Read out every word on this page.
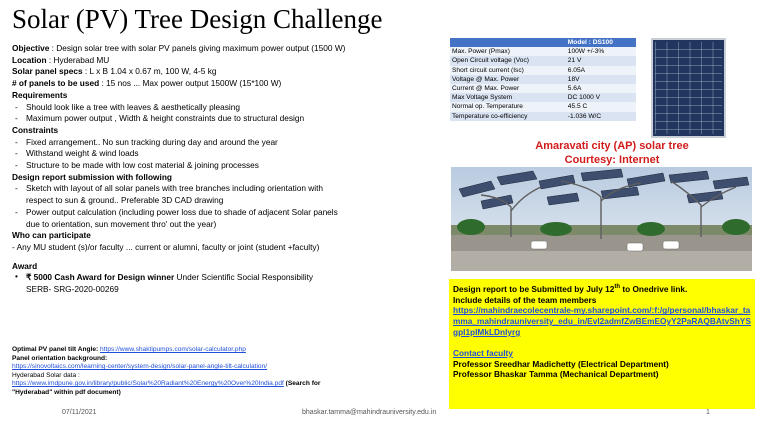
Solar (PV) Tree Design Challenge
Objective : Design solar tree with solar PV panels giving maximum power output (1500 W)
Location : Hyderabad MU
Solar panel specs : L x B 1.04 x 0.67 m, 100 W, 4-5 kg
# of panels to be used : 15 nos ... Max power output 1500W (15*100 W)
Requirements
- Should look like a tree with leaves & aesthetically pleasing
- Maximum power output , Width & height constraints due to structural design
Constraints
- Fixed arrangement.. No sun tracking during day and around the year
- Withstand weight & wind loads
- Structure to be made with low cost material & joining processes
Design report submission with following
- Sketch with layout of all solar panels with tree branches including orientation with
respect to sun & ground.. Preferable 3D CAD drawing
- Power output calculation (including power loss due to shade of adjacent Solar panels
due to orientation, sun movement thro' out the year)
Who can participate
- Any MU student (s)/or faculty ... current or alumni, faculty or joint (student +faculty)
Award
• ₹ 5000 Cash Award for Design winner Under Scientific Social Responsibility
SERB- SRG-2020-00269
Optimal PV panel tilt Angle: https://www.shaktipumps.com/solar-calculator.php
Panel orientation background:
https://sinovoltaics.com/learning-center/system-design/solar-panel-angle-tilt-calculation/
Hyderabad Solar data :
https://www.imdpune.gov.in/library/public/Solar%20Radiant%20Energy%20Over%20India.pdf (Search for
"Hyderabad" within pdf document)
	Model : DS100
Max. Power (Pmax)	100W +/-3%
Open Circuit voltage (Voc)	21 V
Short circuit current (Isc)	6.05A
Voltage @ Max. Power	18V
Current @ Max. Power	5.6A
Max Voltage System	DC 1000 V
Normal op. Temperature	45.5 C
Temperature co-efficiency	-1.036 W/C
Amaravati city (AP) solar tree
Courtesy: Internet
Design report to be Submitted by July 12th to Onedrive link.
Include details of the team members
https://mahindraecolecentrale-my.sharepoint.com/:f:/g/personal/bhaskar_tamma_mahindrauniversity_edu_in/EvI2admfZwBEmEOyY2PaRAQBAtvShYSgpI1pIMkLDnlyrg
Contact faculty
Professor Sreedhar Madichetty (Electrical Department)
Professor Bhaskar Tamma (Mechanical Department)
07/11/2021	bhaskar.tamma@mahindrauniversity.edu.in	1
